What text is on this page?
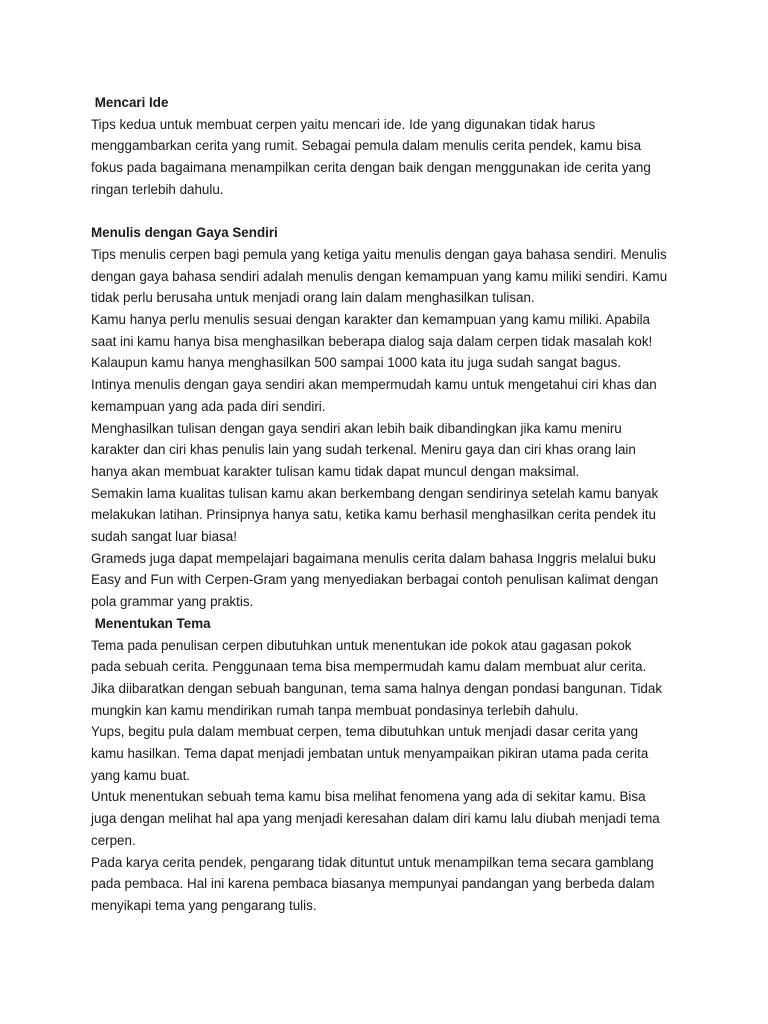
Mencari Ide

Tips kedua untuk membuat cerpen yaitu mencari ide. Ide yang digunakan tidak harus

menggambarkan cerita yang rumit. Sebagai pemula dalam menulis cerita pendek, kamu bisa

fokus pada bagaimana menampilkan cerita dengan baik dengan menggunakan ide cerita yang

ringan terlebih dahulu.

Menulis dengan Gaya Sendiri

Tips menulis cerpen bagi pemula yang ketiga yaitu menulis dengan gaya bahasa sendiri. Menulis

dengan gaya bahasa sendiri adalah menulis dengan kemampuan yang kamu miliki sendiri. Kamu

tidak perlu berusaha untuk menjadi orang lain dalam menghasilkan tulisan.

Kamu hanya perlu menulis sesuai dengan karakter dan kemampuan yang kamu miliki. Apabila

saat ini kamu hanya bisa menghasilkan beberapa dialog saja dalam cerpen tidak masalah kok!

Kalaupun kamu hanya menghasilkan 500 sampai 1000 kata itu juga sudah sangat bagus.

Intinya menulis dengan gaya sendiri akan mempermudah kamu untuk mengetahui ciri khas dan

kemampuan yang ada pada diri sendiri.

Menghasilkan tulisan dengan gaya sendiri akan lebih baik dibandingkan jika kamu meniru

karakter dan ciri khas penulis lain yang sudah terkenal. Meniru gaya dan ciri khas orang lain

hanya akan membuat karakter tulisan kamu tidak dapat muncul dengan maksimal.

Semakin lama kualitas tulisan kamu akan berkembang dengan sendirinya setelah kamu banyak

melakukan latihan. Prinsipnya hanya satu, ketika kamu berhasil menghasilkan cerita pendek itu

sudah sangat luar biasa!

Grameds juga dapat mempelajari bagaimana menulis cerita dalam bahasa Inggris melalui buku

Easy and Fun with Cerpen-Gram yang menyediakan berbagai contoh penulisan kalimat dengan

pola grammar yang praktis.

Menentukan Tema

Tema pada penulisan cerpen dibutuhkan untuk menentukan ide pokok atau gagasan pokok

pada sebuah cerita. Penggunaan tema bisa mempermudah kamu dalam membuat alur cerita.

Jika diibaratkan dengan sebuah bangunan, tema sama halnya dengan pondasi bangunan. Tidak

mungkin kan kamu mendirikan rumah tanpa membuat pondasinya terlebih dahulu.

Yups, begitu pula dalam membuat cerpen, tema dibutuhkan untuk menjadi dasar cerita yang

kamu hasilkan. Tema dapat menjadi jembatan untuk menyampaikan pikiran utama pada cerita

yang kamu buat.

Untuk menentukan sebuah tema kamu bisa melihat fenomena yang ada di sekitar kamu. Bisa

juga dengan melihat hal apa yang menjadi keresahan dalam diri kamu lalu diubah menjadi tema

cerpen.

Pada karya cerita pendek, pengarang tidak dituntut untuk menampilkan tema secara gamblang

pada pembaca. Hal ini karena pembaca biasanya mempunyai pandangan yang berbeda dalam

menyikapi tema yang pengarang tulis.
